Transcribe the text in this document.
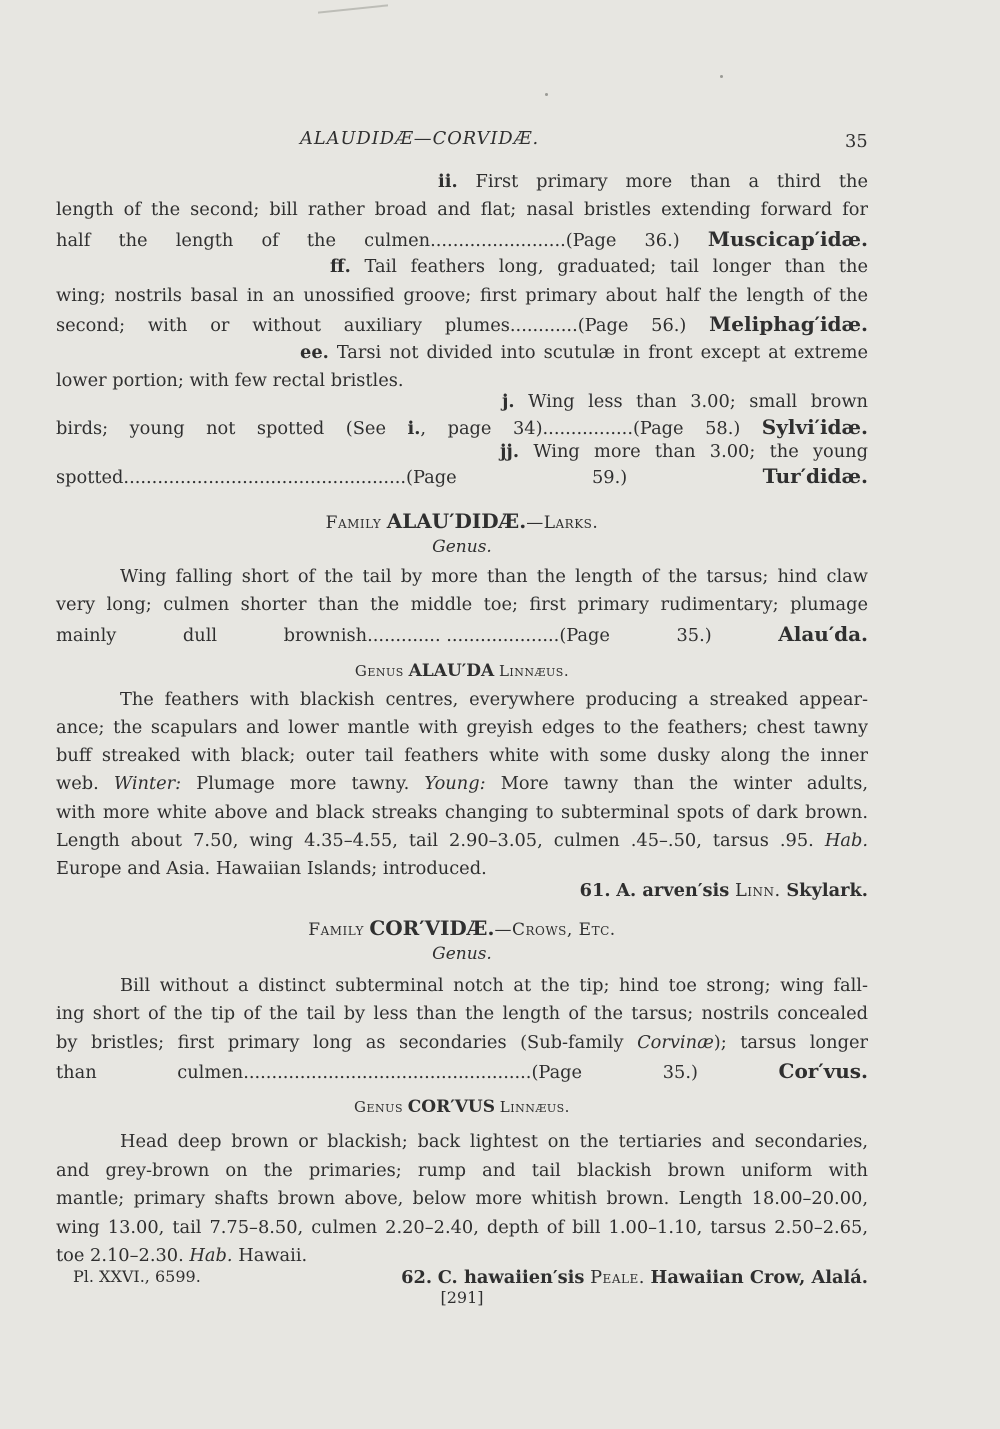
ALAUDIDÆ—CORVIDÆ.	35
ii. First primary more than a third the
length of the second; bill rather broad and flat; nasal bristles extending forward for
half the length of the culmen........................(Page 36.) Muscicap′idæ.
ff. Tail feathers long, graduated; tail longer than the
wing; nostrils basal in an unossified groove; first primary about half the length of the
second; with or without auxiliary plumes............(Page 56.) Meliphag′idæ.
ee. Tarsi not divided into scutulæ in front except at extreme
lower portion; with few rectal bristles.
j. Wing less than 3.00; small brown
birds; young not spotted (See i., page 34)................(Page 58.) Sylvi′idæ.
jj. Wing more than 3.00; the young
spotted..................................................(Page 59.)	Tur′didæ.
Family ALAU′DIDÆ.—Larks.
Genus.
Wing falling short of the tail by more than the length of the tarsus; hind claw
very long; culmen shorter than the middle toe; first primary rudimentary; plumage
mainly dull brownish............. ....................(Page 35.)	Alau′da.
Genus ALAU′DA Linnæus.
The feathers with blackish centres, everywhere producing a streaked appear-
ance; the scapulars and lower mantle with greyish edges to the feathers; chest tawny
buff streaked with black; outer tail feathers white with some dusky along the inner
web. Winter: Plumage more tawny. Young: More tawny than the winter adults,
with more white above and black streaks changing to subterminal spots of dark brown.
Length about 7.50, wing 4.35–4.55, tail 2.90–3.05, culmen .45–.50, tarsus .95. Hab.
Europe and Asia. Hawaiian Islands; introduced.
61. A. arven′sis Linn. Skylark.
Family COR′VIDÆ.—Crows, Etc.
Genus.
Bill without a distinct subterminal notch at the tip; hind toe strong; wing fall-
ing short of the tip of the tail by less than the length of the tarsus; nostrils concealed
by bristles; first primary long as secondaries (Sub-family Corvinæ); tarsus longer
than culmen...................................................(Page 35.)	Cor′vus.
Genus COR′VUS Linnæus.
Head deep brown or blackish; back lightest on the tertiaries and secondaries,
and grey-brown on the primaries; rump and tail blackish brown uniform with
mantle; primary shafts brown above, below more whitish brown. Length 18.00–20.00,
wing 13.00, tail 7.75–8.50, culmen 2.20–2.40, depth of bill 1.00–1.10, tarsus 2.50–2.65,
toe 2.10–2.30. Hab. Hawaii.
Pl. XXVI., 6599.	62. C. hawaiien′sis Peale. Hawaiian Crow, Alalá.
[291]
